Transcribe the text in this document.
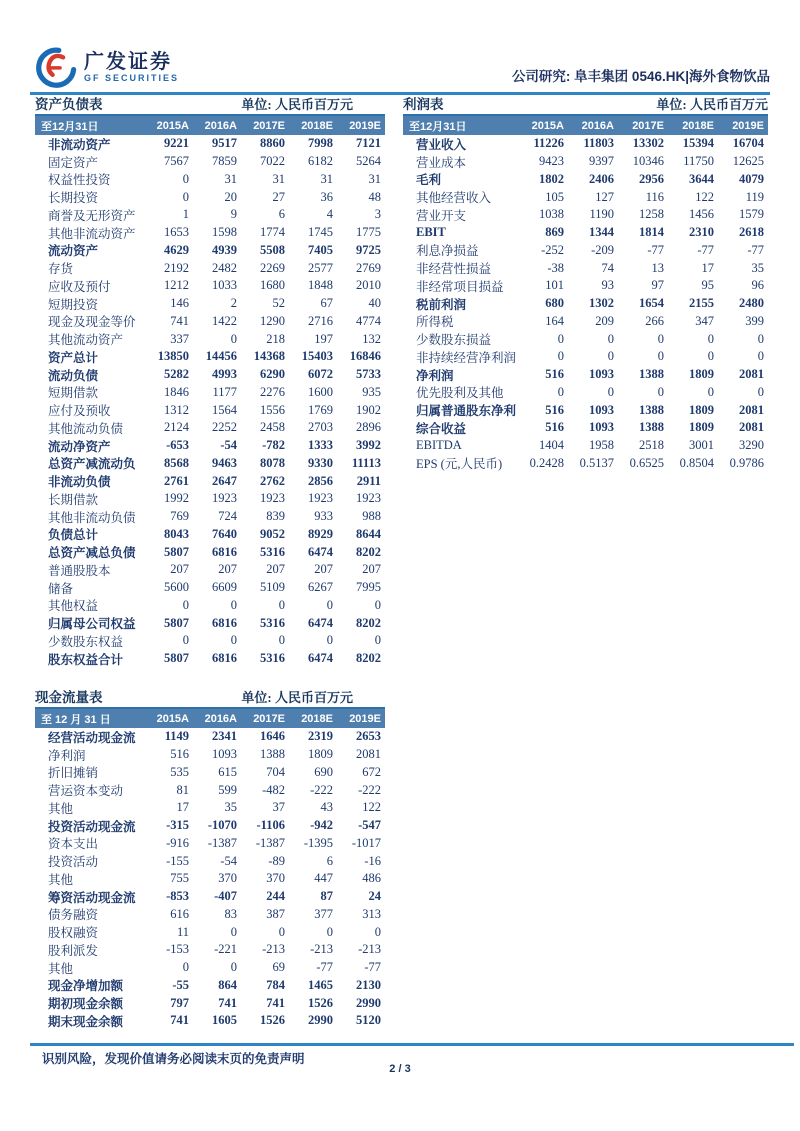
广发证券
GF SECURITIES	公司研究: 阜丰集团 0546.HK|海外食物饮品
资产负债表	单位: 人民币百万元
至12月31日	2015A	2016A	2017E	2018E	2019E
非流动资产	9221	9517	8860	7998	7121
固定资产	7567	7859	7022	6182	5264
权益性投资	0	31	31	31	31
长期投资	0	20	27	36	48
商誉及无形资产	1	9	6	4	3
其他非流动资产	1653	1598	1774	1745	1775
流动资产	4629	4939	5508	7405	9725
存货	2192	2482	2269	2577	2769
应收及预付	1212	1033	1680	1848	2010
短期投资	146	2	52	67	40
现金及现金等价	741	1422	1290	2716	4774
其他流动资产	337	0	218	197	132
资产总计	13850	14456	14368	15403	16846
流动负债	5282	4993	6290	6072	5733
短期借款	1846	1177	2276	1600	935
应付及预收	1312	1564	1556	1769	1902
其他流动负债	2124	2252	2458	2703	2896
流动净资产	-653	-54	-782	1333	3992
总资产减流动负	8568	9463	8078	9330	11113
非流动负债	2761	2647	2762	2856	2911
长期借款	1992	1923	1923	1923	1923
其他非流动负债	769	724	839	933	988
负债总计	8043	7640	9052	8929	8644
总资产减总负债	5807	6816	5316	6474	8202
普通股股本	207	207	207	207	207
储备	5600	6609	5109	6267	7995
其他权益	0	0	0	0	0
归属母公司权益	5807	6816	5316	6474	8202
少数股东权益	0	0	0	0	0
股东权益合计	5807	6816	5316	6474	8202
利润表	单位: 人民币百万元
至12月31日	2015A	2016A	2017E	2018E	2019E
营业收入	11226	11803	13302	15394	16704
营业成本	9423	9397	10346	11750	12625
毛利	1802	2406	2956	3644	4079
其他经营收入	105	127	116	122	119
营业开支	1038	1190	1258	1456	1579
EBIT	869	1344	1814	2310	2618
利息净损益	-252	-209	-77	-77	-77
非经营性损益	-38	74	13	17	35
非经常项目损益	101	93	97	95	96
税前利润	680	1302	1654	2155	2480
所得税	164	209	266	347	399
少数股东损益	0	0	0	0	0
非持续经营净利润	0	0	0	0	0
净利润	516	1093	1388	1809	2081
优先股利及其他	0	0	0	0	0
归属普通股东净利	516	1093	1388	1809	2081
综合收益	516	1093	1388	1809	2081
EBITDA	1404	1958	2518	3001	3290
EPS (元,人民币)	0.2428	0.5137	0.6525	0.8504	0.9786
现金流量表	单位: 人民币百万元
至 12 月 31 日	2015A	2016A	2017E	2018E	2019E
经营活动现金流	1149	2341	1646	2319	2653
净利润	516	1093	1388	1809	2081
折旧摊销	535	615	704	690	672
营运资本变动	81	599	-482	-222	-222
其他	17	35	37	43	122
投资活动现金流	-315	-1070	-1106	-942	-547
资本支出	-916	-1387	-1387	-1395	-1017
投资活动	-155	-54	-89	6	-16
其他	755	370	370	447	486
筹资活动现金流	-853	-407	244	87	24
债务融资	616	83	387	377	313
股权融资	11	0	0	0	0
股利派发	-153	-221	-213	-213	-213
其他	0	0	69	-77	-77
现金净增加额	-55	864	784	1465	2130
期初现金余额	797	741	741	1526	2990
期末现金余额	741	1605	1526	2990	5120
识别风险，发现价值请务必阅读末页的免责声明
2 / 3
